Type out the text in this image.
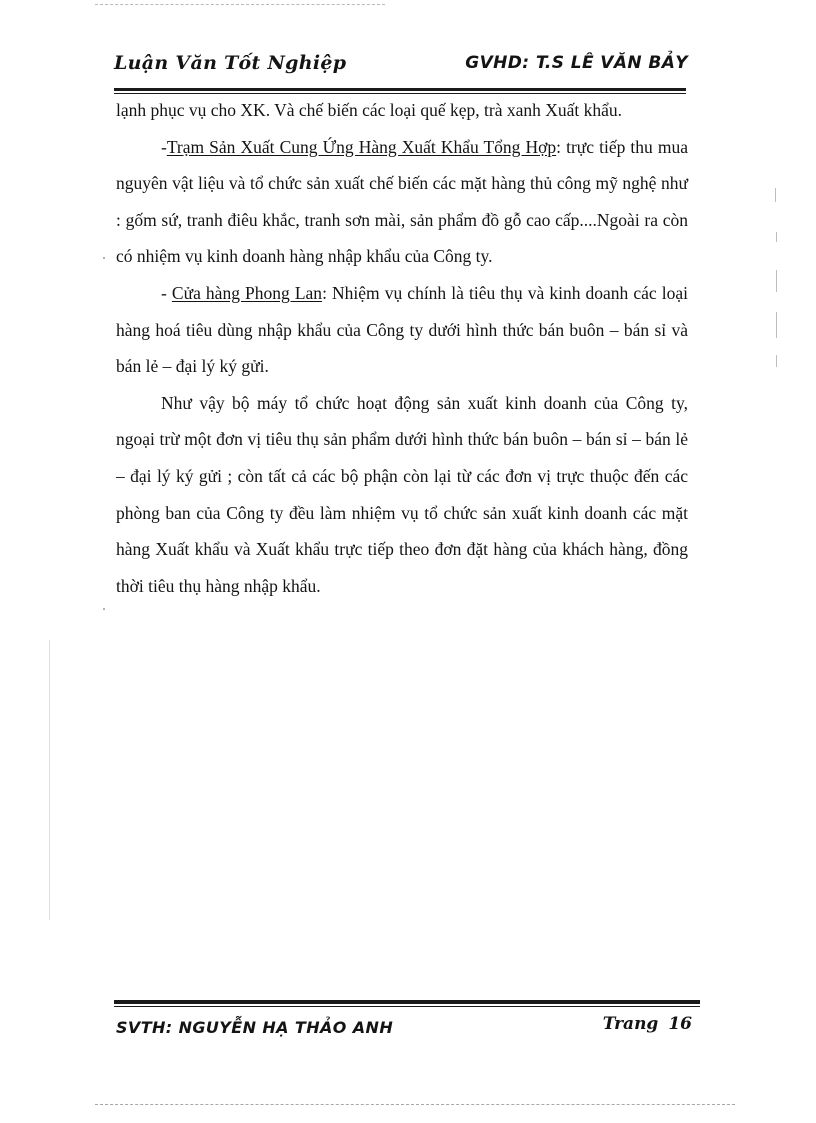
Luận Văn Tốt Nghiệp	GVHD: T.S LÊ VĂN BẢY

lạnh phục vụ cho XK. Và chế biến các loại quế kẹp, trà xanh Xuất khẩu.

-Trạm Sản Xuất Cung Ứng Hàng Xuất Khẩu Tổng Hợp: trực tiếp thu mua nguyên vật liệu và tổ chức sản xuất chế biến các mặt hàng thủ công mỹ nghệ như : gốm sứ, tranh điêu khắc, tranh sơn mài, sản phẩm đồ gỗ cao cấp....Ngoài ra còn có nhiệm vụ kinh doanh hàng nhập khẩu của Công ty.

- Cửa hàng Phong Lan: Nhiệm vụ chính là tiêu thụ và kinh doanh các loại hàng hoá tiêu dùng nhập khẩu của Công ty dưới hình thức bán buôn – bán sỉ và bán lẻ – đại lý ký gửi.

Như vậy bộ máy tổ chức hoạt động sản xuất kinh doanh của Công ty, ngoại trừ một đơn vị tiêu thụ sản phẩm dưới hình thức bán buôn – bán sỉ – bán lẻ – đại lý ký gửi ; còn tất cả các bộ phận còn lại từ các đơn vị trực thuộc đến các phòng ban của Công ty đều làm nhiệm vụ tổ chức sản xuất kinh doanh các mặt hàng Xuất khẩu và Xuất khẩu trực tiếp theo đơn đặt hàng của khách hàng, đồng thời tiêu thụ hàng nhập khẩu.

SVTH: NGUYỄN HẠ THẢO ANH	Trang 16
